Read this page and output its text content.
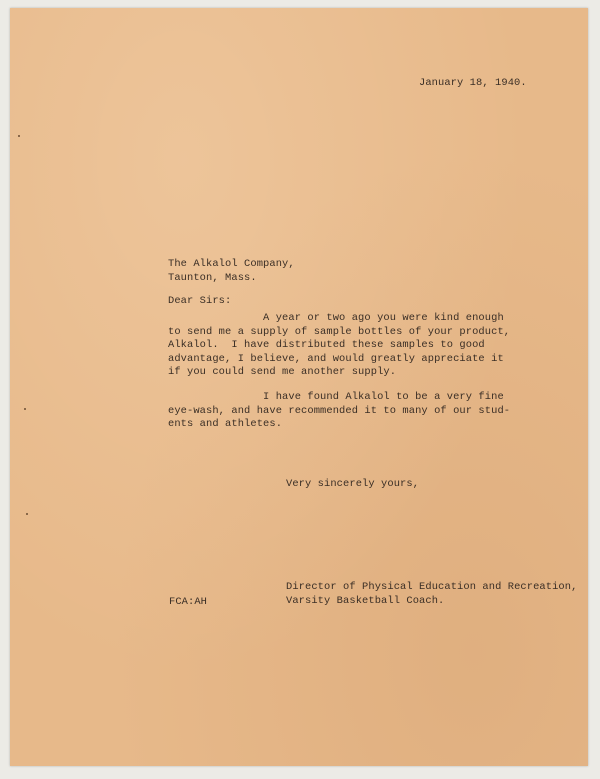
January 18, 1940.
The Alkalol Company,
Taunton, Mass.
Dear Sirs:
A year or two ago you were kind enough
to send me a supply of sample bottles of your product,
Alkalol.  I have distributed these samples to good
advantage, I believe, and would greatly appreciate it
if you could send me another supply.
I have found Alkalol to be a very fine
eye-wash, and have recommended it to many of our stud-
ents and athletes.
Very sincerely yours,
Director of Physical Education and Recreation,
Varsity Basketball Coach.
FCA:AH
